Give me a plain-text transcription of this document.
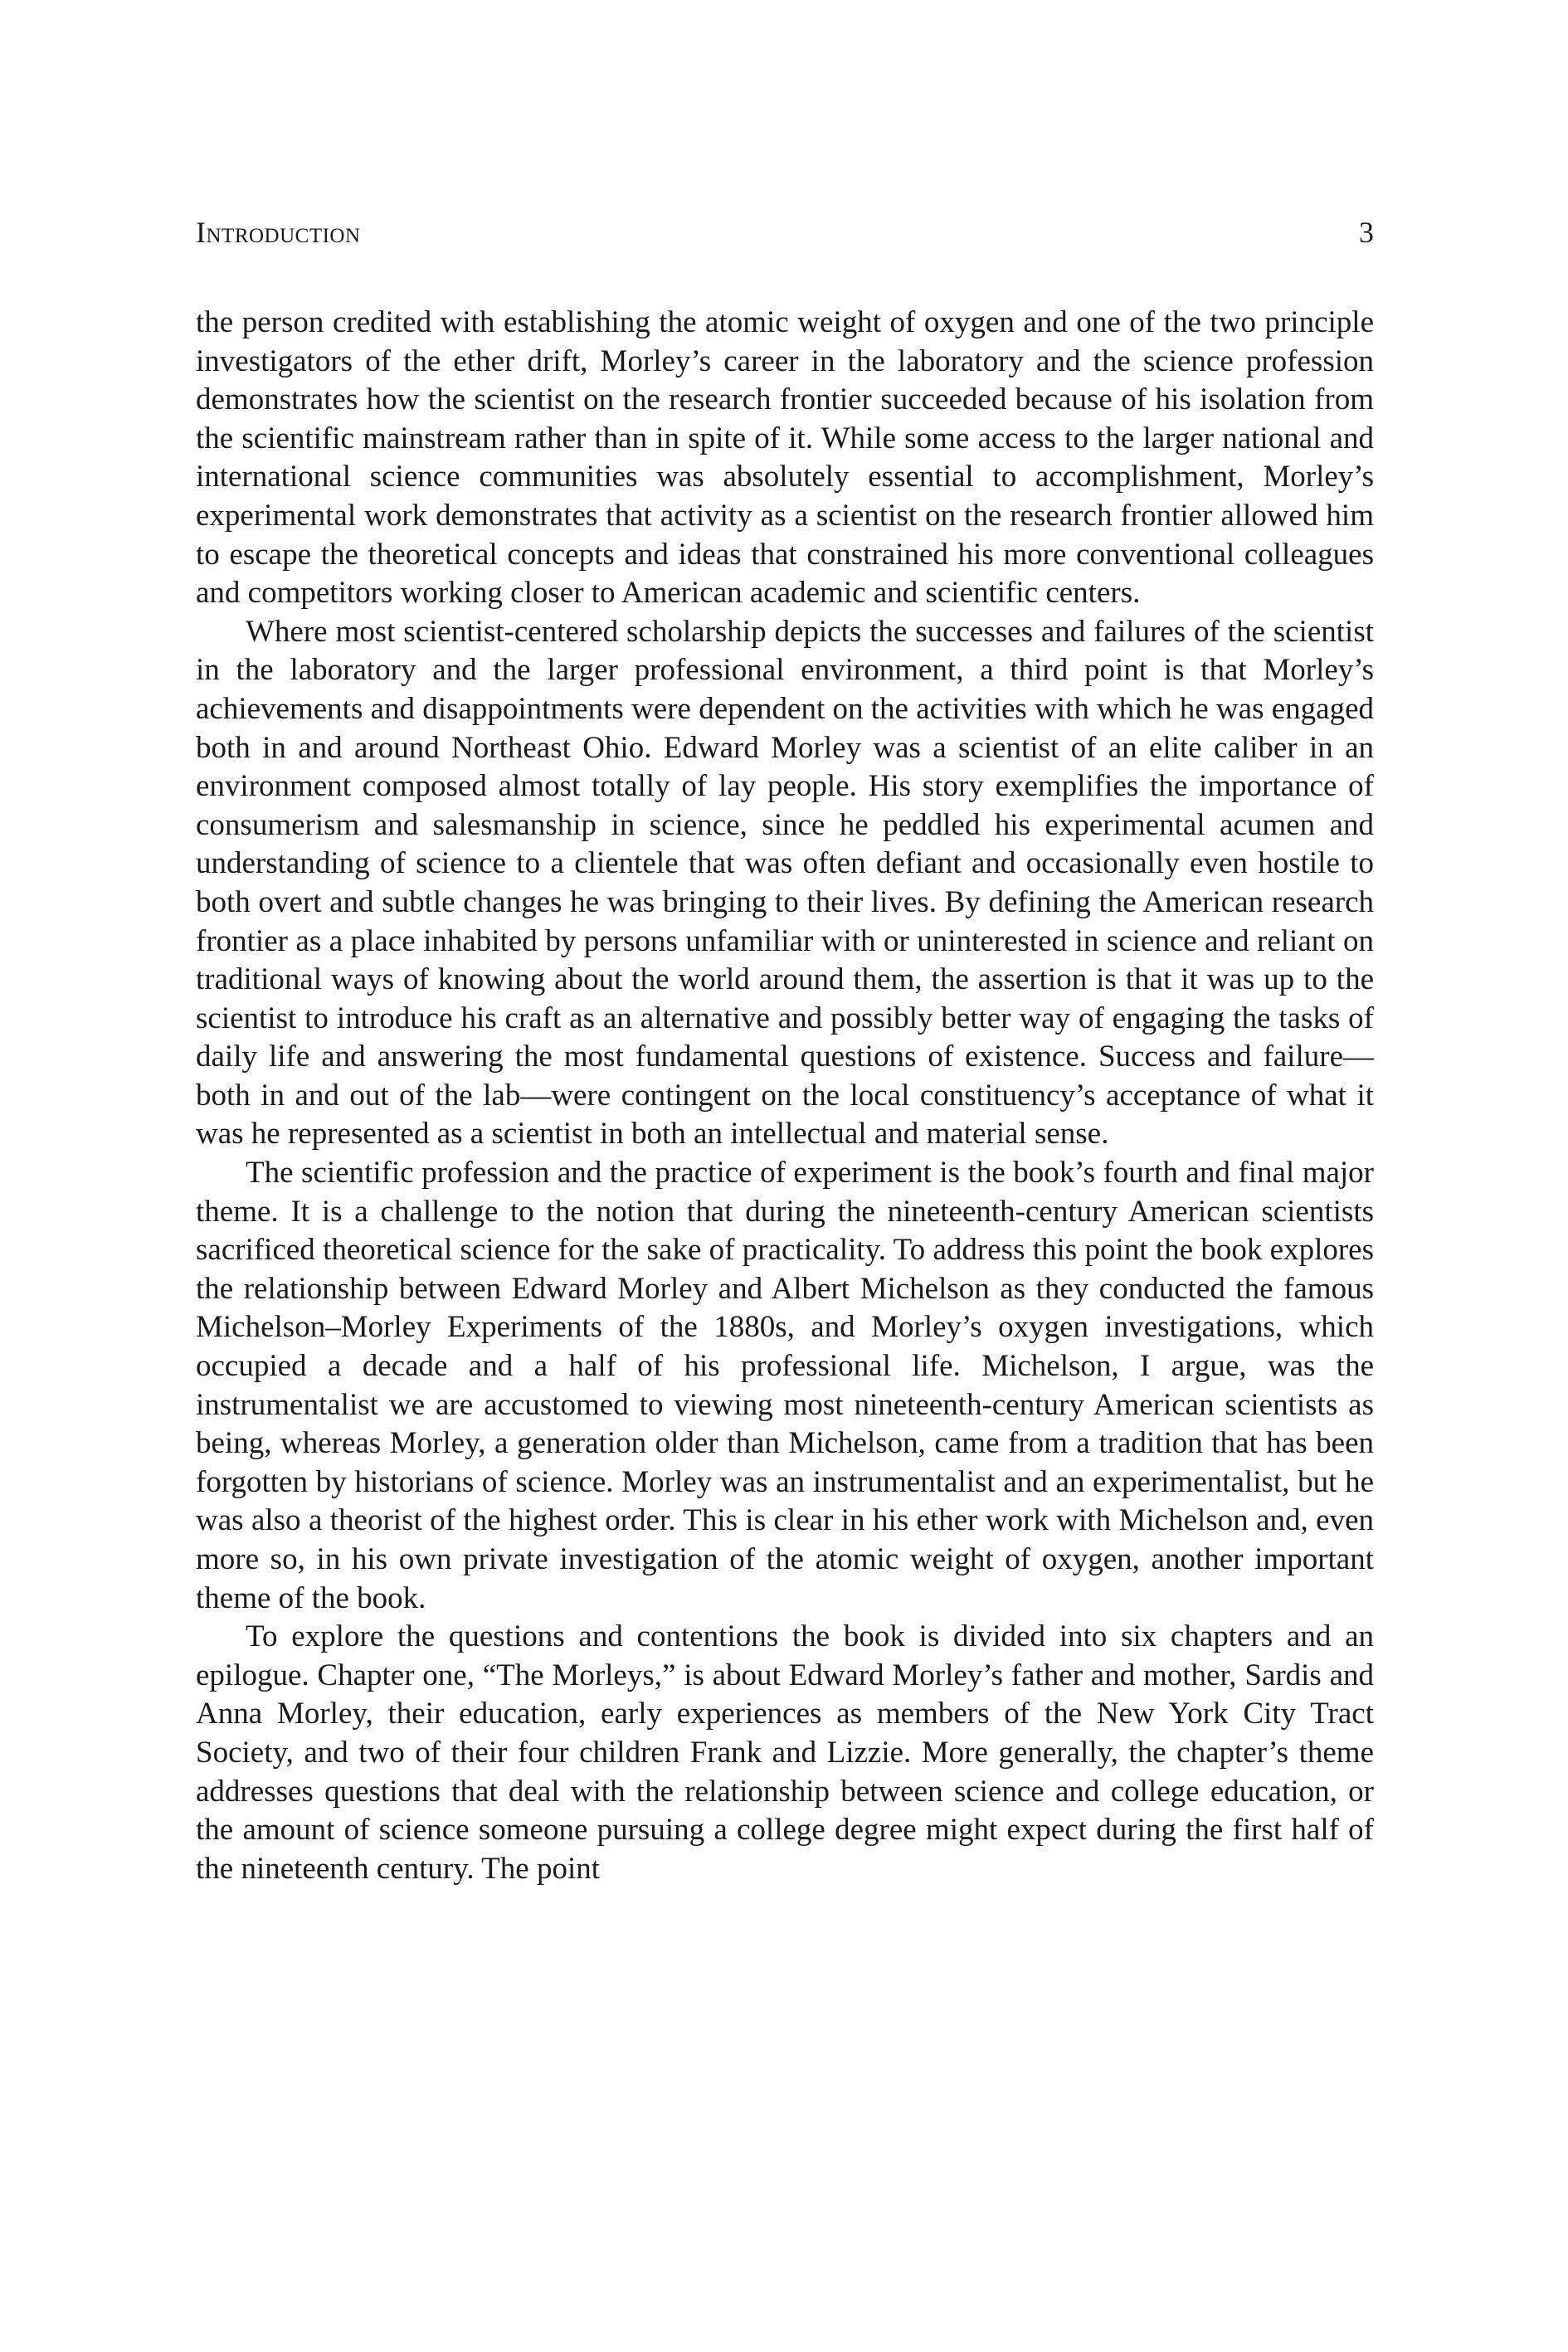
Introduction	3

the person credited with establishing the atomic weight of oxygen and one of the two principle investigators of the ether drift, Morley’s career in the laboratory and the science profession demonstrates how the scientist on the research frontier succeeded because of his isolation from the scientific mainstream rather than in spite of it. While some access to the larger national and international science communities was absolutely essential to accomplishment, Morley’s experimental work demonstrates that activity as a scientist on the research frontier allowed him to escape the theoretical concepts and ideas that constrained his more conventional colleagues and competitors working closer to American academic and scientific centers.

Where most scientist-centered scholarship depicts the successes and failures of the scientist in the laboratory and the larger professional environment, a third point is that Morley’s achievements and disappointments were dependent on the activities with which he was engaged both in and around Northeast Ohio. Edward Morley was a scientist of an elite caliber in an environment composed almost totally of lay people. His story exemplifies the importance of consumerism and salesmanship in science, since he peddled his experimental acumen and understanding of science to a clientele that was often defiant and occasionally even hostile to both overt and subtle changes he was bringing to their lives. By defining the American research frontier as a place inhabited by persons unfamiliar with or uninterested in science and reliant on traditional ways of knowing about the world around them, the assertion is that it was up to the scientist to introduce his craft as an alternative and possibly better way of engaging the tasks of daily life and answering the most fundamental questions of existence. Success and failure—both in and out of the lab—were contingent on the local constituency’s acceptance of what it was he represented as a scientist in both an intellectual and material sense.

The scientific profession and the practice of experiment is the book’s fourth and final major theme. It is a challenge to the notion that during the nineteenth-century American scientists sacrificed theoretical science for the sake of practicality. To address this point the book explores the relationship between Edward Morley and Albert Michelson as they conducted the famous Michelson–Morley Experiments of the 1880s, and Morley’s oxygen investigations, which occupied a decade and a half of his professional life. Michelson, I argue, was the instrumentalist we are accustomed to viewing most nineteenth-century American scientists as being, whereas Morley, a generation older than Michelson, came from a tradition that has been forgotten by historians of science. Morley was an instrumentalist and an experimentalist, but he was also a theorist of the highest order. This is clear in his ether work with Michelson and, even more so, in his own private investigation of the atomic weight of oxygen, another important theme of the book.

To explore the questions and contentions the book is divided into six chapters and an epilogue. Chapter one, “The Morleys,” is about Edward Morley’s father and mother, Sardis and Anna Morley, their education, early experiences as members of the New York City Tract Society, and two of their four children Frank and Lizzie. More generally, the chapter’s theme addresses questions that deal with the relationship between science and college education, or the amount of science someone pursuing a college degree might expect during the first half of the nineteenth century. The point
